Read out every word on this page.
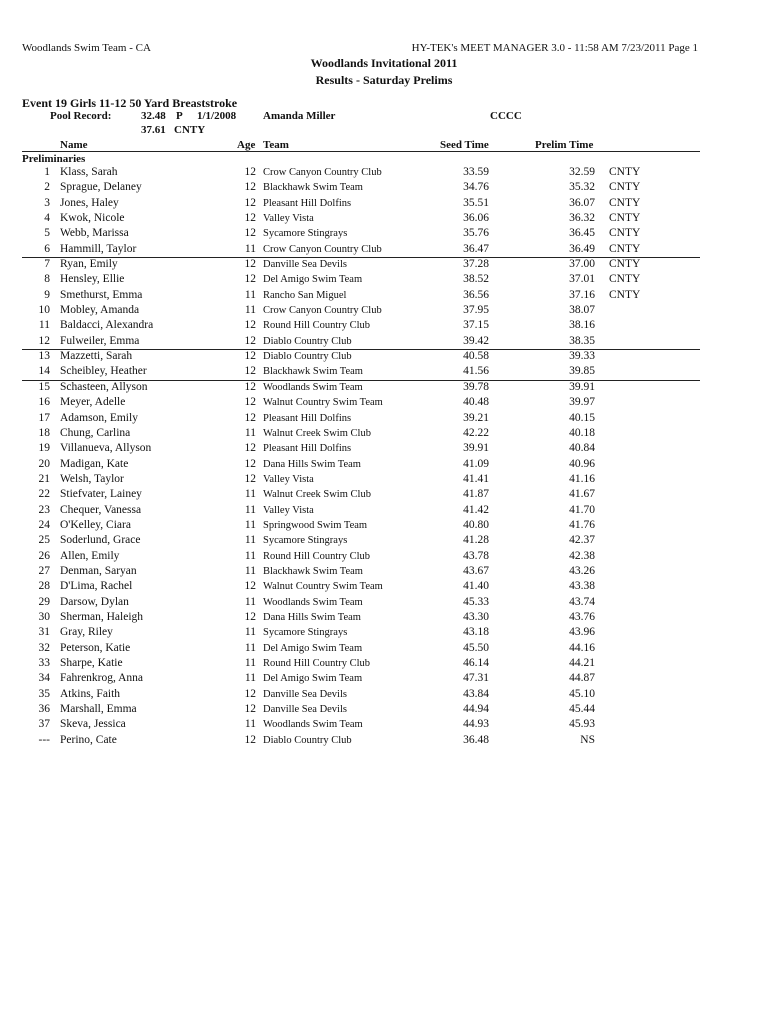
Woodlands Swim Team - CA	HY-TEK's MEET MANAGER 3.0 - 11:58 AM 7/23/2011 Page 1
Woodlands Invitational 2011
Results - Saturday Prelims
Event 19 Girls 11-12 50 Yard Breaststroke
Pool Record:	32.48 P 1/1/2008 Amanda Miller	CCCC
37.61 CNTY
Name	Age Team	Seed Time	Prelim Time
Preliminaries
1 Klass, Sarah	12 Crow Canyon Country Club	33.59	32.59 CNTY
2 Sprague, Delaney	12 Blackhawk Swim Team	34.76	35.32 CNTY
3 Jones, Haley	12 Pleasant Hill Dolfins	35.51	36.07 CNTY
4 Kwok, Nicole	12 Valley Vista	36.06	36.32 CNTY
5 Webb, Marissa	12 Sycamore Stingrays	35.76	36.45 CNTY
6 Hammill, Taylor	11 Crow Canyon Country Club	36.47	36.49 CNTY
7 Ryan, Emily	12 Danville Sea Devils	37.28	37.00 CNTY
8 Hensley, Ellie	12 Del Amigo Swim Team	38.52	37.01 CNTY
9 Smethurst, Emma	11 Rancho San Miguel	36.56	37.16 CNTY
10 Mobley, Amanda	11 Crow Canyon Country Club	37.95	38.07
11 Baldacci, Alexandra	12 Round Hill Country Club	37.15	38.16
12 Fulweiler, Emma	12 Diablo Country Club	39.42	38.35
13 Mazzetti, Sarah	12 Diablo Country Club	40.58	39.33
14 Scheibley, Heather	12 Blackhawk Swim Team	41.56	39.85
15 Schasteen, Allyson	12 Woodlands Swim Team	39.78	39.91
16 Meyer, Adelle	12 Walnut Country Swim Team	40.48	39.97
17 Adamson, Emily	12 Pleasant Hill Dolfins	39.21	40.15
18 Chung, Carlina	11 Walnut Creek Swim Club	42.22	40.18
19 Villanueva, Allyson	12 Pleasant Hill Dolfins	39.91	40.84
20 Madigan, Kate	12 Dana Hills Swim Team	41.09	40.96
21 Welsh, Taylor	12 Valley Vista	41.41	41.16
22 Stiefvater, Lainey	11 Walnut Creek Swim Club	41.87	41.67
23 Chequer, Vanessa	11 Valley Vista	41.42	41.70
24 O'Kelley, Ciara	11 Springwood Swim Team	40.80	41.76
25 Soderlund, Grace	11 Sycamore Stingrays	41.28	42.37
26 Allen, Emily	11 Round Hill Country Club	43.78	42.38
27 Denman, Saryan	11 Blackhawk Swim Team	43.67	43.26
28 D'Lima, Rachel	12 Walnut Country Swim Team	41.40	43.38
29 Darsow, Dylan	11 Woodlands Swim Team	45.33	43.74
30 Sherman, Haleigh	12 Dana Hills Swim Team	43.30	43.76
31 Gray, Riley	11 Sycamore Stingrays	43.18	43.96
32 Peterson, Katie	11 Del Amigo Swim Team	45.50	44.16
33 Sharpe, Katie	11 Round Hill Country Club	46.14	44.21
34 Fahrenkrog, Anna	11 Del Amigo Swim Team	47.31	44.87
35 Atkins, Faith	12 Danville Sea Devils	43.84	45.10
36 Marshall, Emma	12 Danville Sea Devils	44.94	45.44
37 Skeva, Jessica	11 Woodlands Swim Team	44.93	45.93
--- Perino, Cate	12 Diablo Country Club	36.48	NS
